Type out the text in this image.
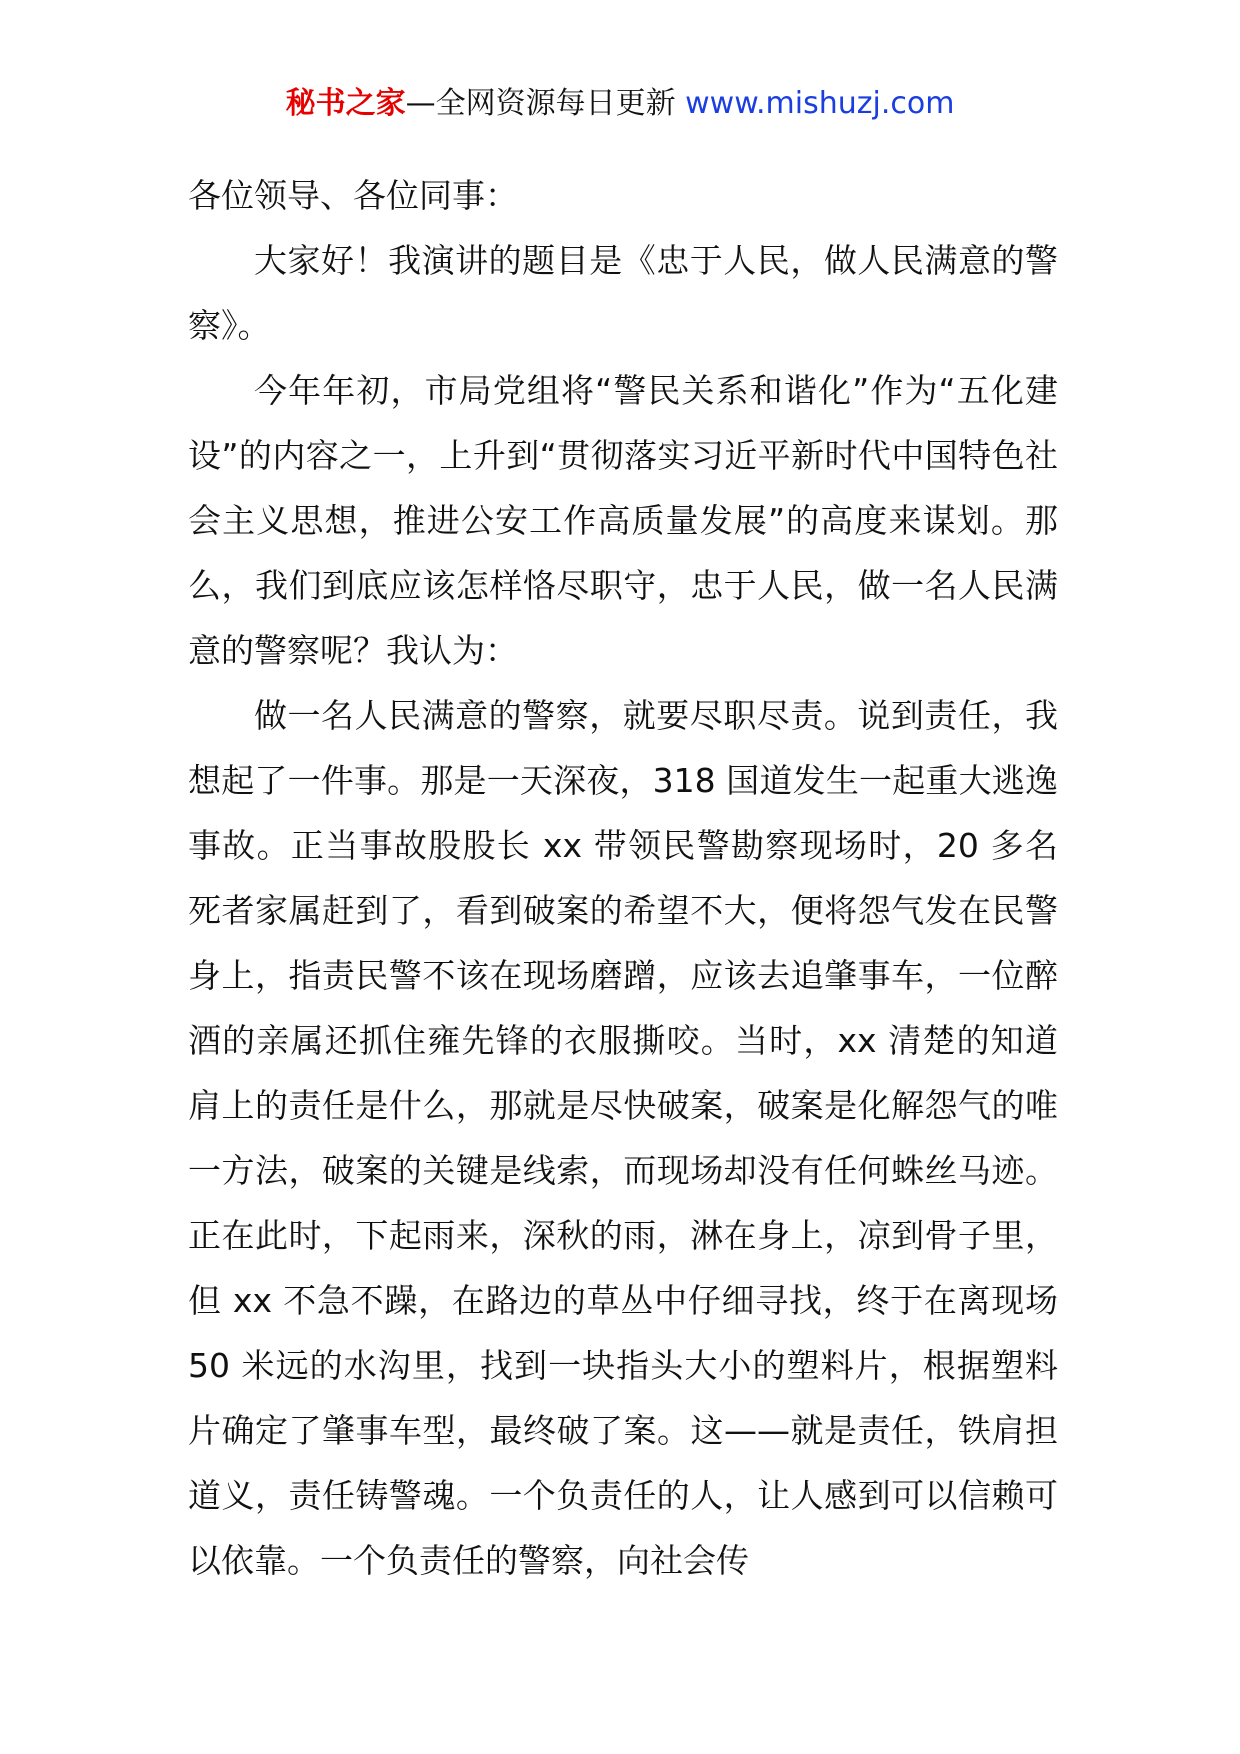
秘书之家—全网资源每日更新 www.mishuzj.com

各位领导、各位同事：

大家好！我演讲的题目是《忠于人民，做人民满意的警察》。

今年年初，市局党组将“警民关系和谐化”作为“五化建设”的内容之一，上升到“贯彻落实习近平新时代中国特色社会主义思想，推进公安工作高质量发展”的高度来谋划。那么，我们到底应该怎样恪尽职守，忠于人民，做一名人民满意的警察呢？我认为：

做一名人民满意的警察，就要尽职尽责。说到责任，我想起了一件事。那是一天深夜，318 国道发生一起重大逃逸事故。正当事故股股长 xx 带领民警勘察现场时，20 多名死者家属赶到了，看到破案的希望不大，便将怨气发在民警身上，指责民警不该在现场磨蹭，应该去追肇事车，一位醉酒的亲属还抓住雍先锋的衣服撕咬。当时，xx 清楚的知道肩上的责任是什么，那就是尽快破案，破案是化解怨气的唯一方法，破案的关键是线索，而现场却没有任何蛛丝马迹。正在此时，下起雨来，深秋的雨，淋在身上，凉到骨子里，但 xx 不急不躁，在路边的草丛中仔细寻找，终于在离现场 50 米远的水沟里，找到一块指头大小的塑料片，根据塑料片确定了肇事车型，最终破了案。这——就是责任，铁肩担道义，责任铸警魂。一个负责任的人，让人感到可以信赖可以依靠。一个负责任的警察，向社会传
